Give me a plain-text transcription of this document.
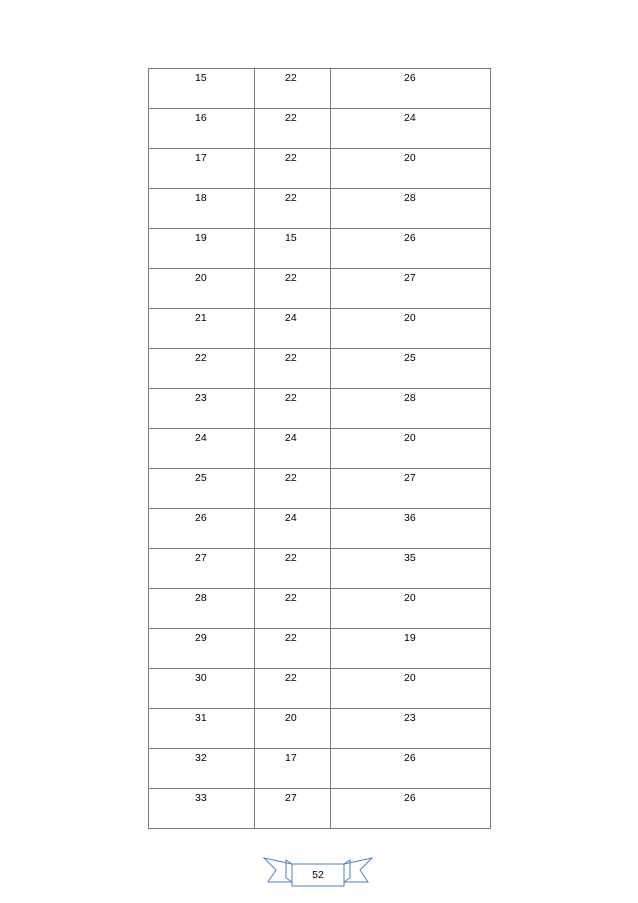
15	22	26

16	22	24

17	22	20

18	22	28

19	15	26

20	22	27

21	24	20

22	22	25

23	22	28

24	24	20

25	22	27

26	24	36

27	22	35

28	22	20

29	22	19

30	22	20

31	20	23

32	17	26

33	27	26
52
